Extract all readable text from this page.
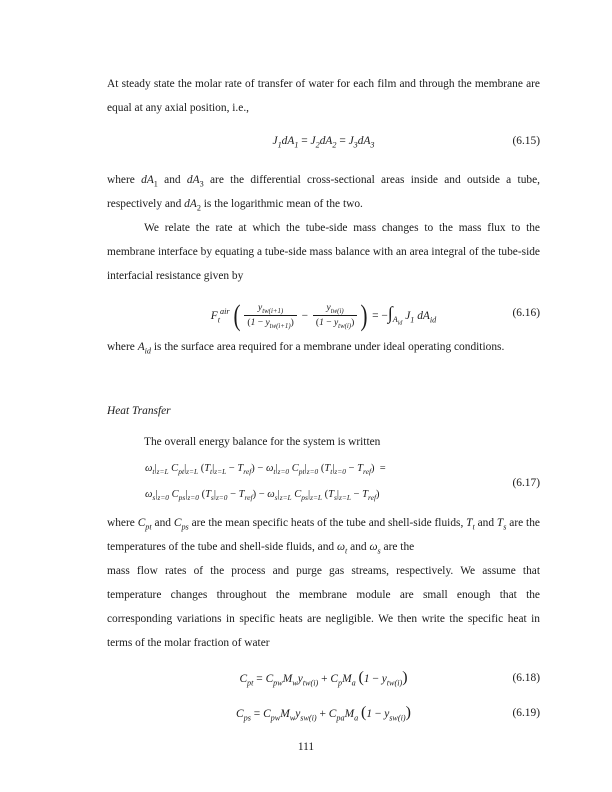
At steady state the molar rate of transfer of water for each film and through the membrane are equal at any axial position, i.e.,

$J_1dA_1 = J_2dA_2 = J_3dA_3$	(6.15)

where $dA_1$ and $dA_3$ are the differential cross-sectional areas inside and outside a tube, respectively and $dA_2$ is the logarithmic mean of the two.

We relate the rate at which the tube-side mass changes to the mass flux to the membrane interface by equating a tube-side mass balance with an area integral of the tube-side interfacial resistance given by

$F_t^{air}$ ( $\frac{y_{tw(i+1)}}{(1 - y_{tw(i+1)})} - \frac{y_{tw(i)}}{(1 - y_{tw(i)})}$ ) = $-\int_{A_{id}}$ $J_1$ $dA_{id}$
(6.16)

where $A_{id}$ is the surface area required for a membrane under ideal operating conditions.

Heat Transfer

The overall energy balance for the system is written

$\omega_t|_{z=L}$ $C_{pt}|_{z=L}$ $(T_t|_{z=L} - T_{ref}) - \omega_t|_{z=0}$ $C_{pt}|_{z=0}$ $(T_t|_{z=0} - T_{ref})$ =
$\omega_s|_{z=0}$ $C_{ps}|_{z=0}$ $(T_s|_{z=0} - T_{ref}) - \omega_s|_{z=L}$ $C_{ps}|_{z=L}$ $(T_s|_{z=L} - T_{ref})$
(6.17)

where $C_{pt}$ and $C_{ps}$ are the mean specific heats of the tube and shell-side fluids, $T_t$ and $T_s$ are the temperatures of the tube and shell-side fluids, and $\omega_t$ and $\omega_s$ are the

mass flow rates of the process and purge gas streams, respectively. We assume that temperature changes throughout the membrane module are small enough that the corresponding variations in specific heats are negligible. We then write the specific heat in terms of the molar fraction of water

$C_{pt} = C_{pw}M_wy_{tw(i)} + C_pM_a$ $(1 - y_{tw(i)})$	(6.18)
$C_{ps} = C_{pw}M_wy_{sw(i)} + C_{pa}M_a$ $(1 - y_{sw(i)})$	(6.19)
111
